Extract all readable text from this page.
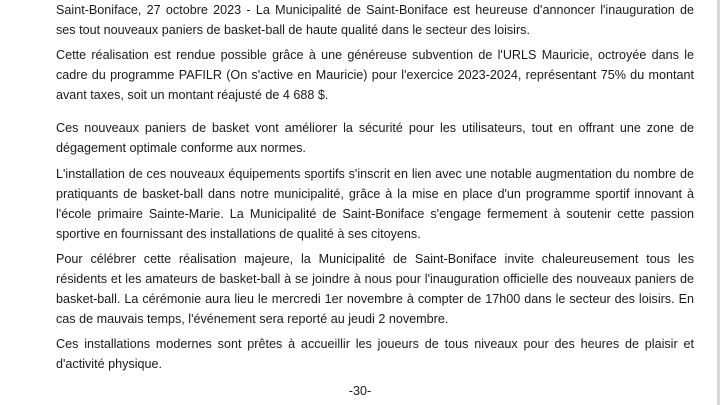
Saint-Boniface, 27 octobre 2023 - La Municipalité de Saint-Boniface est heureuse d'annoncer l'inauguration de ses tout nouveaux paniers de basket-ball de haute qualité dans le secteur des loisirs.

Cette réalisation est rendue possible grâce à une généreuse subvention de l'URLS Mauricie, octroyée dans le cadre du programme PAFILR (On s'active en Mauricie) pour l'exercice 2023-2024, représentant 75% du montant avant taxes, soit un montant réajusté de 4 688 $.

Ces nouveaux paniers de basket vont améliorer la sécurité pour les utilisateurs, tout en offrant une zone de dégagement optimale conforme aux normes.

L'installation de ces nouveaux équipements sportifs s'inscrit en lien avec une notable augmentation du nombre de pratiquants de basket-ball dans notre municipalité, grâce à la mise en place d'un programme sportif innovant à l'école primaire Sainte-Marie. La Municipalité de Saint-Boniface s'engage fermement à soutenir cette passion sportive en fournissant des installations de qualité à ses citoyens.

Pour célébrer cette réalisation majeure, la Municipalité de Saint-Boniface invite chaleureusement tous les résidents et les amateurs de basket-ball à se joindre à nous pour l'inauguration officielle des nouveaux paniers de basket-ball. La cérémonie aura lieu le mercredi 1er novembre à compter de 17h00 dans le secteur des loisirs. En cas de mauvais temps, l'événement sera reporté au jeudi 2 novembre.

Ces installations modernes sont prêtes à accueillir les joueurs de tous niveaux pour des heures de plaisir et d'activité physique.

-30-
